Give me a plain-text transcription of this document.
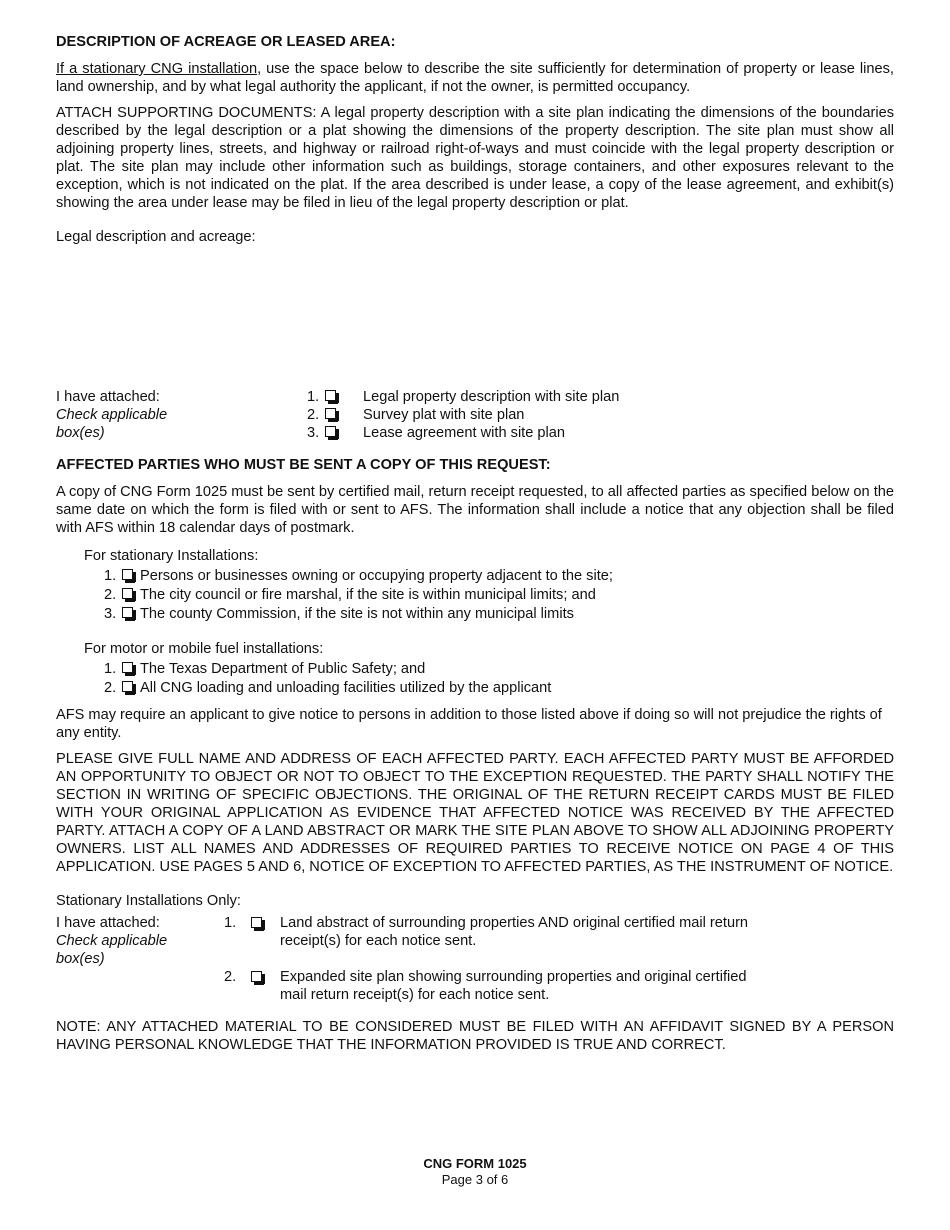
DESCRIPTION OF ACREAGE OR LEASED AREA:

If a stationary CNG installation, use the space below to describe the site sufficiently for determination of property or lease lines, land ownership, and by what legal authority the applicant, if not the owner, is permitted occupancy.

ATTACH SUPPORTING DOCUMENTS: A legal property description with a site plan indicating the dimensions of the boundaries described by the legal description or a plat showing the dimensions of the property description. The site plan must show all adjoining property lines, streets, and highway or railroad right-of-ways and must coincide with the legal property description or plat. The site plan may include other information such as buildings, storage containers, and other exposures relevant to the exception, which is not indicated on the plat. If the area described is under lease, a copy of the lease agreement, and exhibit(s) showing the area under lease may be filed in lieu of the legal property description or plat.

Legal description and acreage:
I have attached:
Check applicable
box(es)
1.	Legal property description with site plan
2.	Survey plat with site plan
3.	Lease agreement with site plan
AFFECTED PARTIES WHO MUST BE SENT A COPY OF THIS REQUEST:

A copy of CNG Form 1025 must be sent by certified mail, return receipt requested, to all affected parties as specified below on the same date on which the form is filed with or sent to AFS. The information shall include a notice that any objection shall be filed with AFS within 18 calendar days of postmark.

For stationary Installations:
1. Persons or businesses owning or occupying property adjacent to the site;
2. The city council or fire marshal, if the site is within municipal limits; and
3. The county Commission, if the site is not within any municipal limits
For motor or mobile fuel installations:
1. The Texas Department of Public Safety; and
2. All CNG loading and unloading facilities utilized by the applicant

AFS may require an applicant to give notice to persons in addition to those listed above if doing so will not prejudice the rights of any entity.

PLEASE GIVE FULL NAME AND ADDRESS OF EACH AFFECTED PARTY. EACH AFFECTED PARTY MUST BE AFFORDED AN OPPORTUNITY TO OBJECT OR NOT TO OBJECT TO THE EXCEPTION REQUESTED. THE PARTY SHALL NOTIFY THE SECTION IN WRITING OF SPECIFIC OBJECTIONS. THE ORIGINAL OF THE RETURN RECEIPT CARDS MUST BE FILED WITH YOUR ORIGINAL APPLICATION AS EVIDENCE THAT AFFECTED NOTICE WAS RECEIVED BY THE AFFECTED PARTY. ATTACH A COPY OF A LAND ABSTRACT OR MARK THE SITE PLAN ABOVE TO SHOW ALL ADJOINING PROPERTY OWNERS. LIST ALL NAMES AND ADDRESSES OF REQUIRED PARTIES TO RECEIVE NOTICE ON PAGE 4 OF THIS APPLICATION. USE PAGES 5 AND 6, NOTICE OF EXCEPTION TO AFFECTED PARTIES, AS THE INSTRUMENT OF NOTICE.

Stationary Installations Only:
I have attached:
Check applicable
box(es)
1.	Land abstract of surrounding properties AND original certified mail return receipt(s) for each notice sent.
2.	Expanded site plan showing surrounding properties and original certified mail return receipt(s) for each notice sent.

NOTE: ANY ATTACHED MATERIAL TO BE CONSIDERED MUST BE FILED WITH AN AFFIDAVIT SIGNED BY A PERSON HAVING PERSONAL KNOWLEDGE THAT THE INFORMATION PROVIDED IS TRUE AND CORRECT.

CNG FORM 1025
Page 3 of 6
